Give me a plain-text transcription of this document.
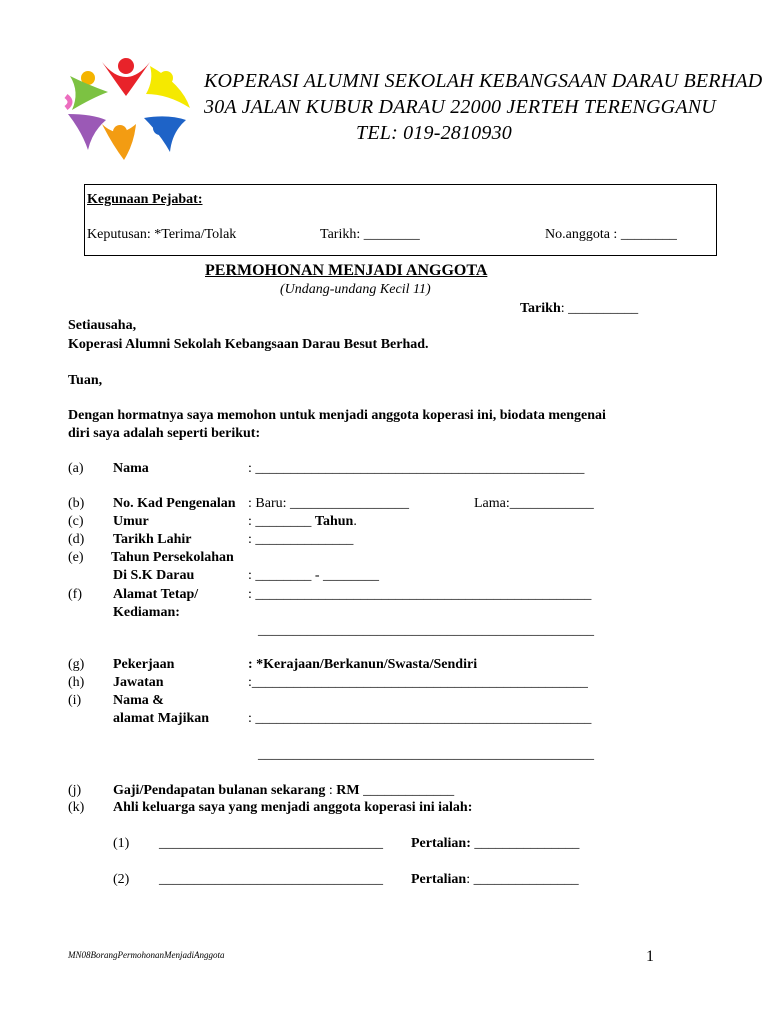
KOPERASI ALUMNI SEKOLAH KEBANGSAAN DARAU BERHAD
30A JALAN KUBUR DARAU 22000 JERTEH TERENGGANU
TEL: 019-2810930
Kegunaan Pejabat:
Keputusan: *Terima/Tolak	Tarikh: ________	No.anggota : ________
PERMOHONAN MENJADI ANGGOTA
(Undang-undang Kecil 11)
Tarikh: __________
Setiausaha,
Koperasi Alumni Sekolah Kebangsaan Darau Besut Berhad.
Tuan,
Dengan hormatnya saya memohon untuk menjadi anggota koperasi ini, biodata mengenai
diri saya adalah seperti berikut:
(a) Nama	: _______________________________________________
(b) No. Kad Pengenalan : Baru: _________________	Lama:____________
(c) Umur	: ________ Tahun.
(d) Tarikh Lahir	: ______________
(e) Tahun Persekolahan
Di S.K Darau	: ________ - ________
(f) Alamat Tetap/
Kediaman:
: ________________________________________________
________________________________________________
(g) Pekerjaan	: *Kerajaan/Berkanun/Swasta/Sendiri
(h) Jawatan	:________________________________________________
(i) Nama &
alamat Majikan	: ________________________________________________
________________________________________________
(j) Gaji/Pendapatan bulanan sekarang : RM _____________
(k) Ahli keluarga saya yang menjadi anggota koperasi ini ialah:
(1) ________________________________ Pertalian: _______________
(2) ________________________________ Pertalian: _______________
MN08BorangPermohonanMenjadiAnggota	1
